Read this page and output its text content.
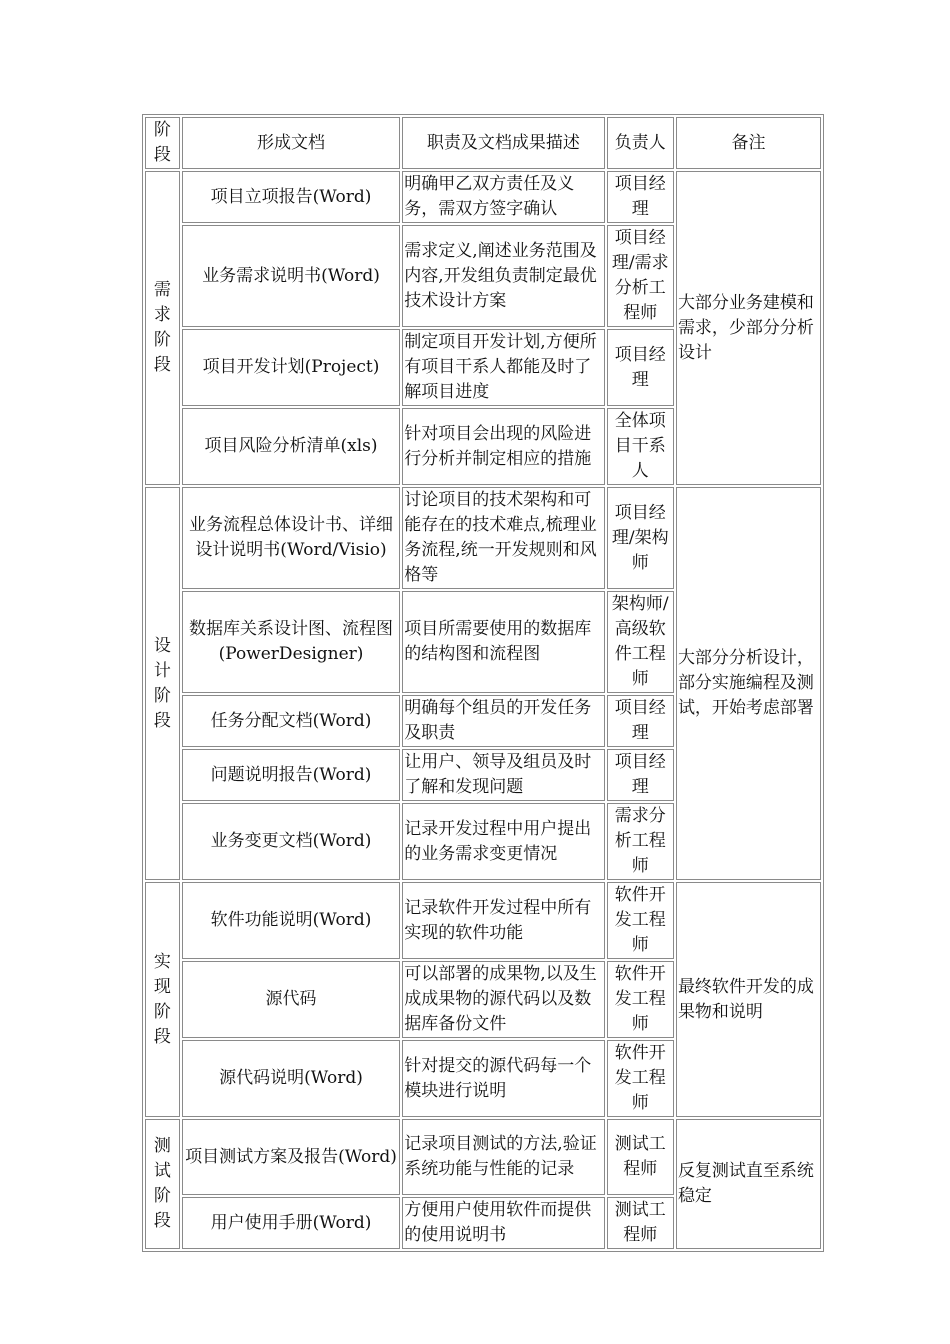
阶段	形成文档	职责及文档成果描述	负责人	备注
需求阶段	项目立项报告(Word)	明确甲乙双方责任及义务，需双方签字确认	项目经理	大部分业务建模和需求，少部分分析设计
	业务需求说明书(Word)	需求定义,阐述业务范围及内容,开发组负责制定最优技术设计方案	项目经理/需求分析工程师	
	项目开发计划(Project)	制定项目开发计划,方便所有项目干系人都能及时了解项目进度	项目经理	
	项目风险分析清单(xls)	针对项目会出现的风险进行分析并制定相应的措施	全体项目干系人	
设计阶段	业务流程总体设计书、详细设计说明书(Word/Visio)	讨论项目的技术架构和可能存在的技术难点,梳理业务流程,统一开发规则和风格等	项目经理/架构师	大部分分析设计，部分实施编程及测试，开始考虑部署
	数据库关系设计图、流程图(PowerDesigner)	项目所需要使用的数据库的结构图和流程图	架构师/高级软件工程师	
	任务分配文档(Word)	明确每个组员的开发任务及职责	项目经理	
	问题说明报告(Word)	让用户、领导及组员及时了解和发现问题	项目经理	
	业务变更文档(Word)	记录开发过程中用户提出的业务需求变更情况	需求分析工程师	
实现阶段	软件功能说明(Word)	记录软件开发过程中所有实现的软件功能	软件开发工程师	最终软件开发的成果物和说明
	源代码	可以部署的成果物,以及生成成果物的源代码以及数据库备份文件	软件开发工程师	
	源代码说明(Word)	针对提交的源代码每一个模块进行说明	软件开发工程师	
测试阶段	项目测试方案及报告(Word)	记录项目测试的方法,验证系统功能与性能的记录	测试工程师	反复测试直至系统稳定
	用户使用手册(Word)	方便用户使用软件而提供的使用说明书	测试工程师	
